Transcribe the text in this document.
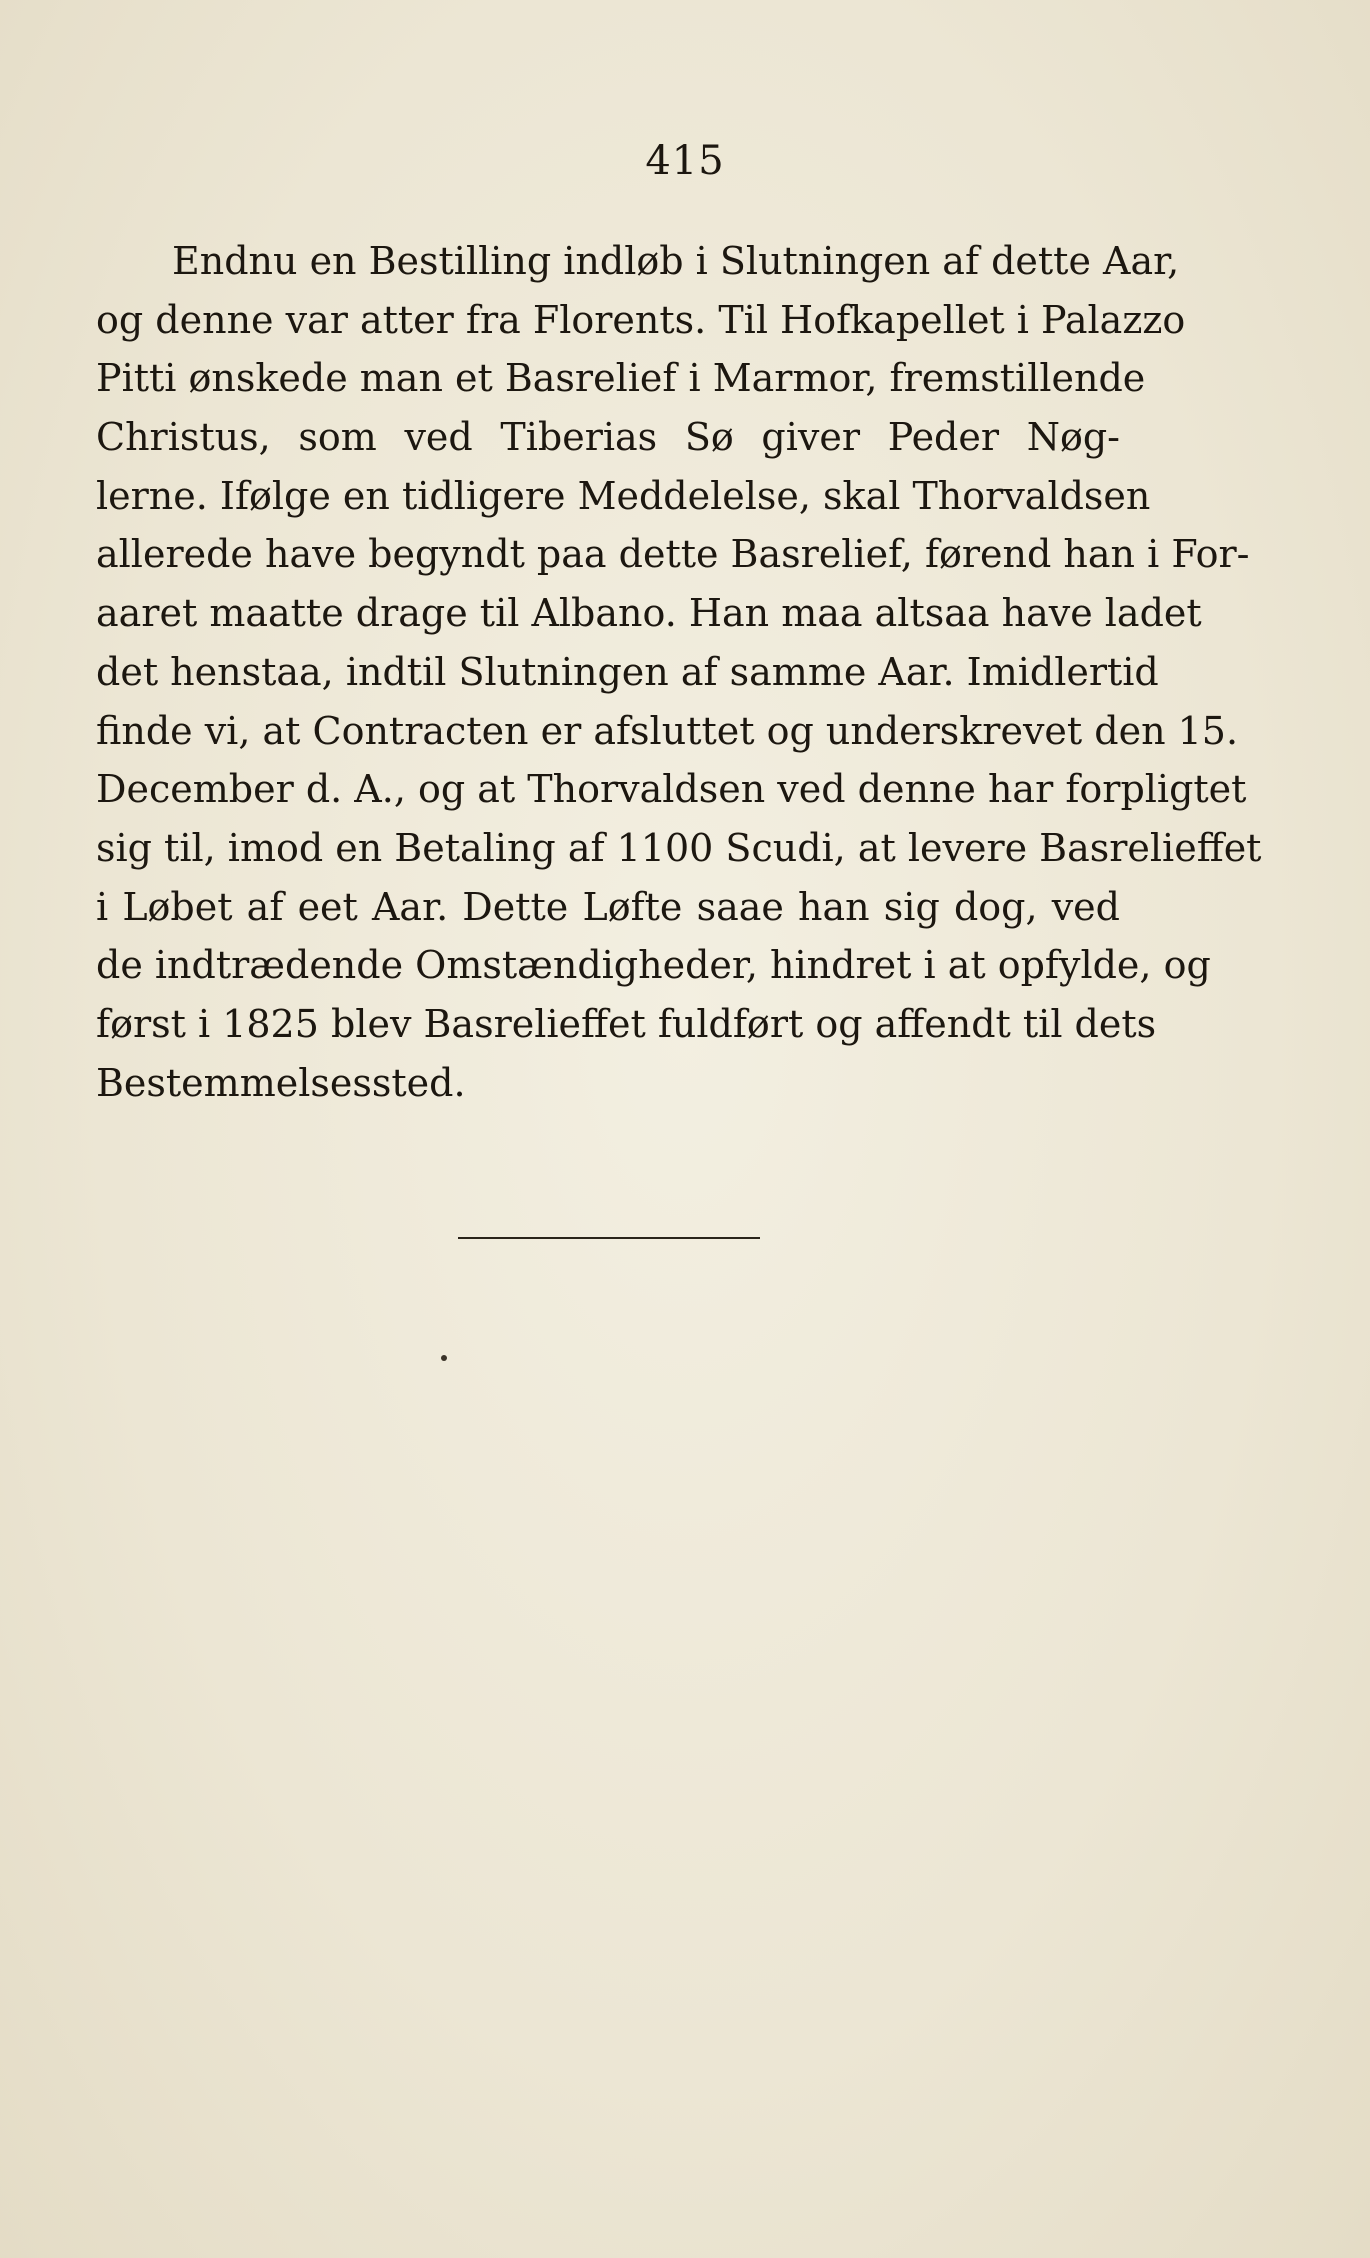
415
Endnu en Bestilling indløb i Slutningen af dette Aar,
og denne var atter fra Florents. Til Hofkapellet i Palazzo
Pitti ønskede man et Basrelief i Marmor, fremstillende
Christus, som ved Tiberias Sø giver Peder Nøg-
lerne. Ifølge en tidligere Meddelelse, skal Thorvaldsen
allerede have begyndt paa dette Basrelief, førend han i For-
aaret maatte drage til Albano. Han maa altsaa have ladet
det henstaa, indtil Slutningen af samme Aar. Imidlertid
finde vi, at Contracten er afsluttet og underskrevet den 15.
December d. A., og at Thorvaldsen ved denne har forpligtet
sig til, imod en Betaling af 1100 Scudi, at levere Basrelieffet
i Løbet af eet Aar. Dette Løfte saae han sig dog, ved
de indtrædende Omstændigheder, hindret i at opfylde, og
først i 1825 blev Basrelieffet fuldført og affendt til dets
Bestemmelsessted.
